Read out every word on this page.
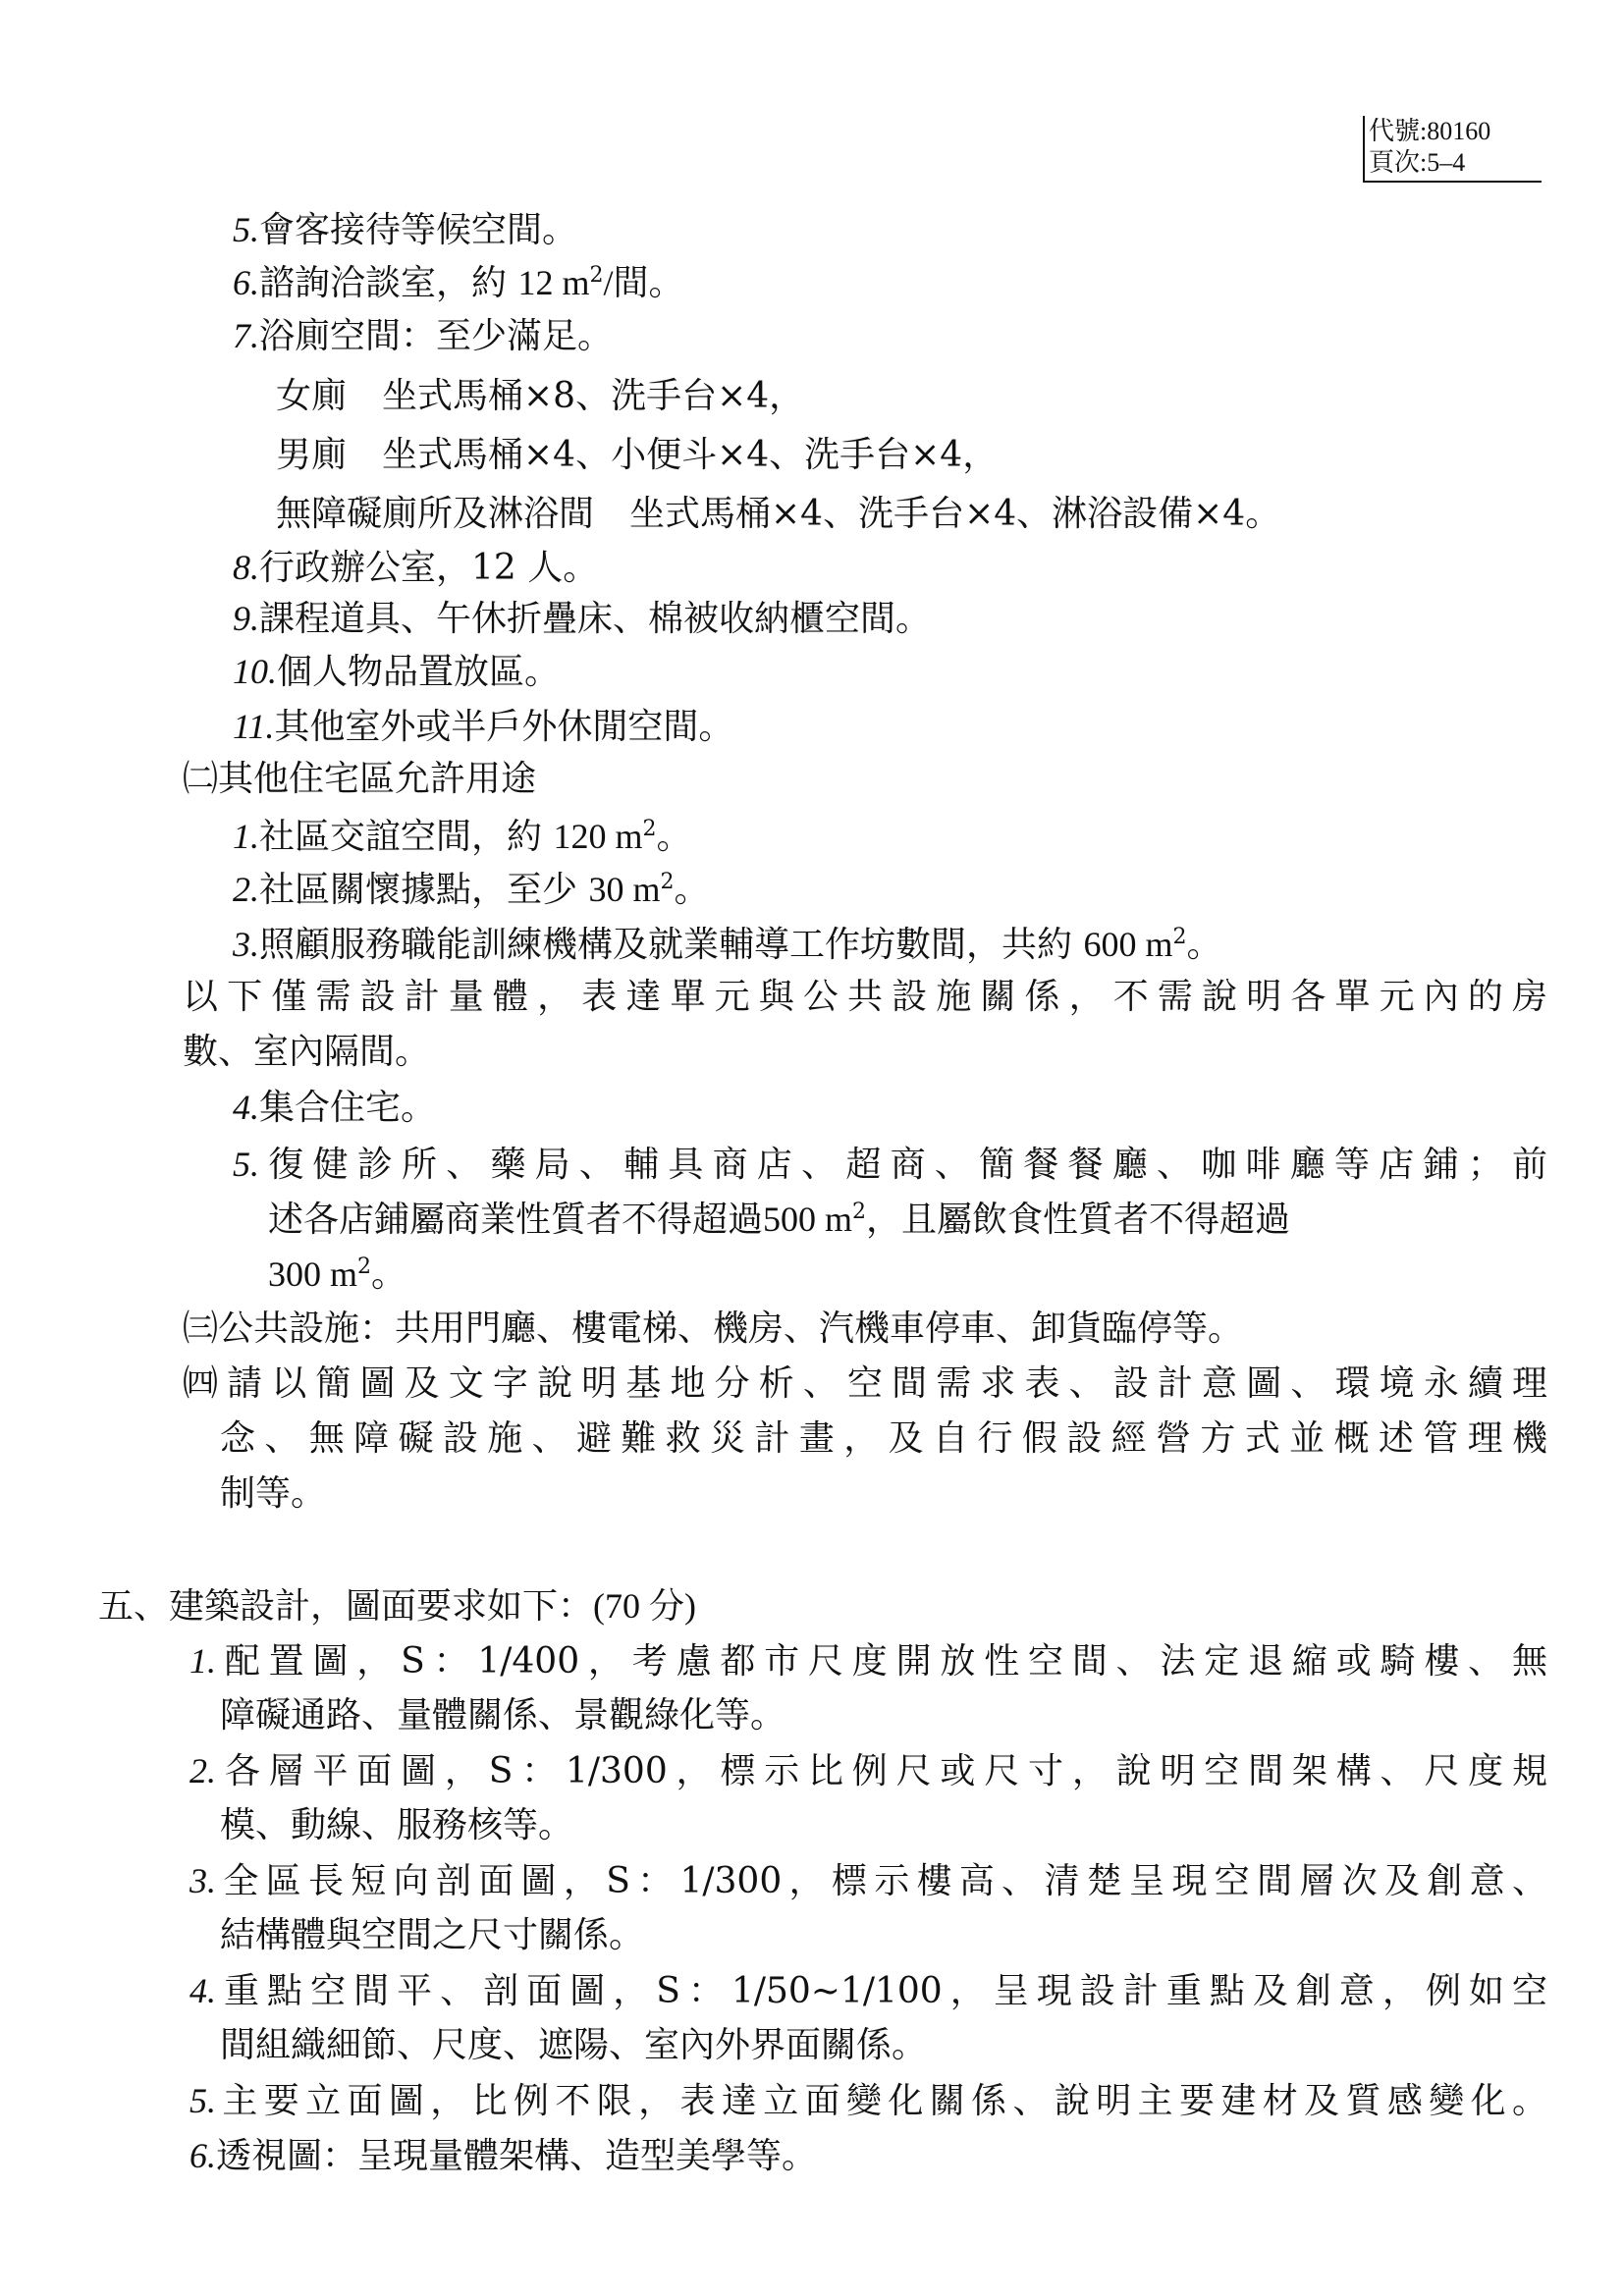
代號:80160
頁次:5–4
5.會客接待等候空間。
6.諮詢洽談室，約 12 $m^2/$間。
7.浴廁空間：至少滿足。
女廁　坐式馬桶×8、洗手台×4，
男廁　坐式馬桶×4、小便斗×4、洗手台×4，
無障礙廁所及淋浴間　坐式馬桶×4、洗手台×4、淋浴設備×4。
8.行政辦公室，12 人。
9.課程道具、午休折疊床、棉被收納櫃空間。
10.個人物品置放區。
11.其他室外或半戶外休閒空間。
㈡其他住宅區允許用途
1.社區交誼空間，約 120 $m^2$。
2.社區關懷據點，至少 30 $m^2$。
3.照顧服務職能訓練機構及就業輔導工作坊數間，共約 600 $m^2$。
以下僅需設計量體，表達單元與公共設施關係，不需說明各單元內的房
數、室內隔間。
4.集合住宅。
5.復健診所、藥局、輔具商店、超商、簡餐餐廳、咖啡廳等店鋪；前
述各店鋪屬商業性質者不得超過500 $m^2$，且屬飲食性質者不得超過
300 $m^2$。
㈢公共設施：共用門廳、樓電梯、機房、汽機車停車、卸貨臨停等。
㈣請以簡圖及文字說明基地分析、空間需求表、設計意圖、環境永續理
念、無障礙設施、避難救災計畫，及自行假設經營方式並概述管理機
制等。
五、建築設計，圖面要求如下：(70 分)
1.配置圖，S：1/400，考慮都市尺度開放性空間、法定退縮或騎樓、無
障礙通路、量體關係、景觀綠化等。
2.各層平面圖，S：1/300，標示比例尺或尺寸，說明空間架構、尺度規
模、動線、服務核等。
3.全區長短向剖面圖，S：1/300，標示樓高、清楚呈現空間層次及創意、
結構體與空間之尺寸關係。
4.重點空間平、剖面圖，S：1/50~1/100，呈現設計重點及創意，例如空
間組織細節、尺度、遮陽、室內外界面關係。
5.主要立面圖，比例不限，表達立面變化關係、說明主要建材及質感變化。
6.透視圖：呈現量體架構、造型美學等。
